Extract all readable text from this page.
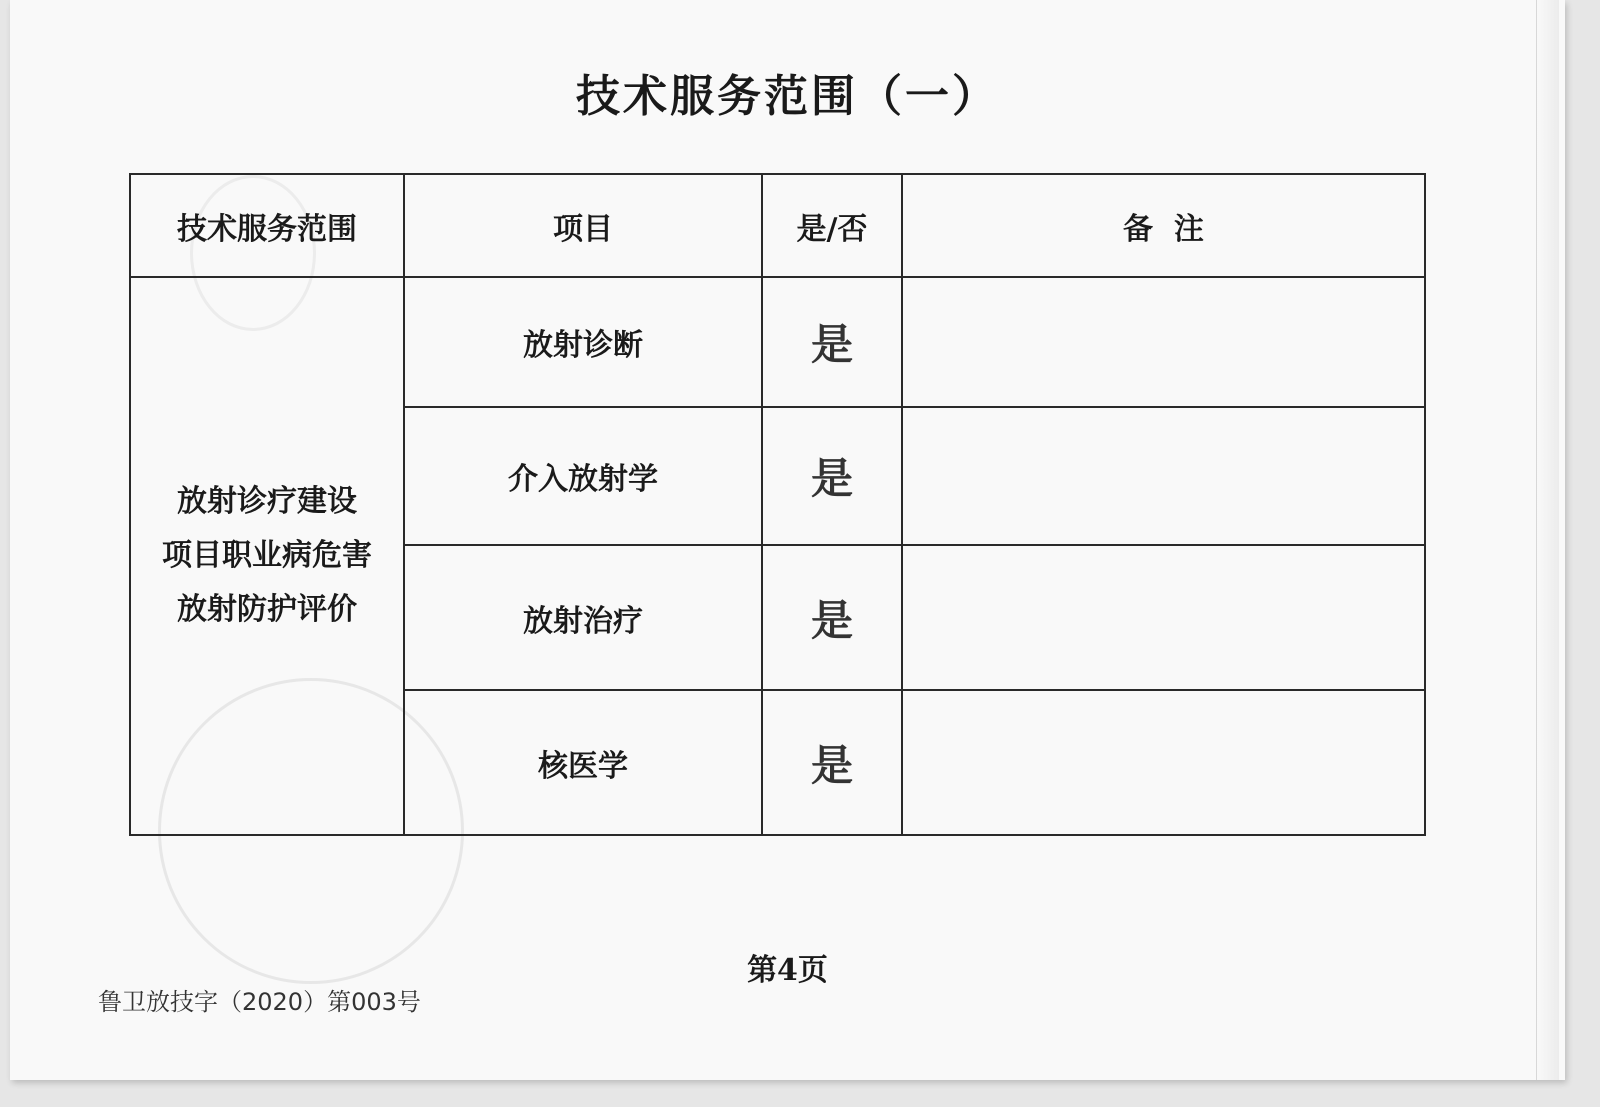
技术服务范围（一）
技术服务范围	项目	是/否	备  注

放射诊疗建设
项目职业病危害
放射防护评价	放射诊断	是	
	介入放射学	是	
	放射治疗	是	
	核医学	是	
第4页
鲁卫放技字（2020）第003号
